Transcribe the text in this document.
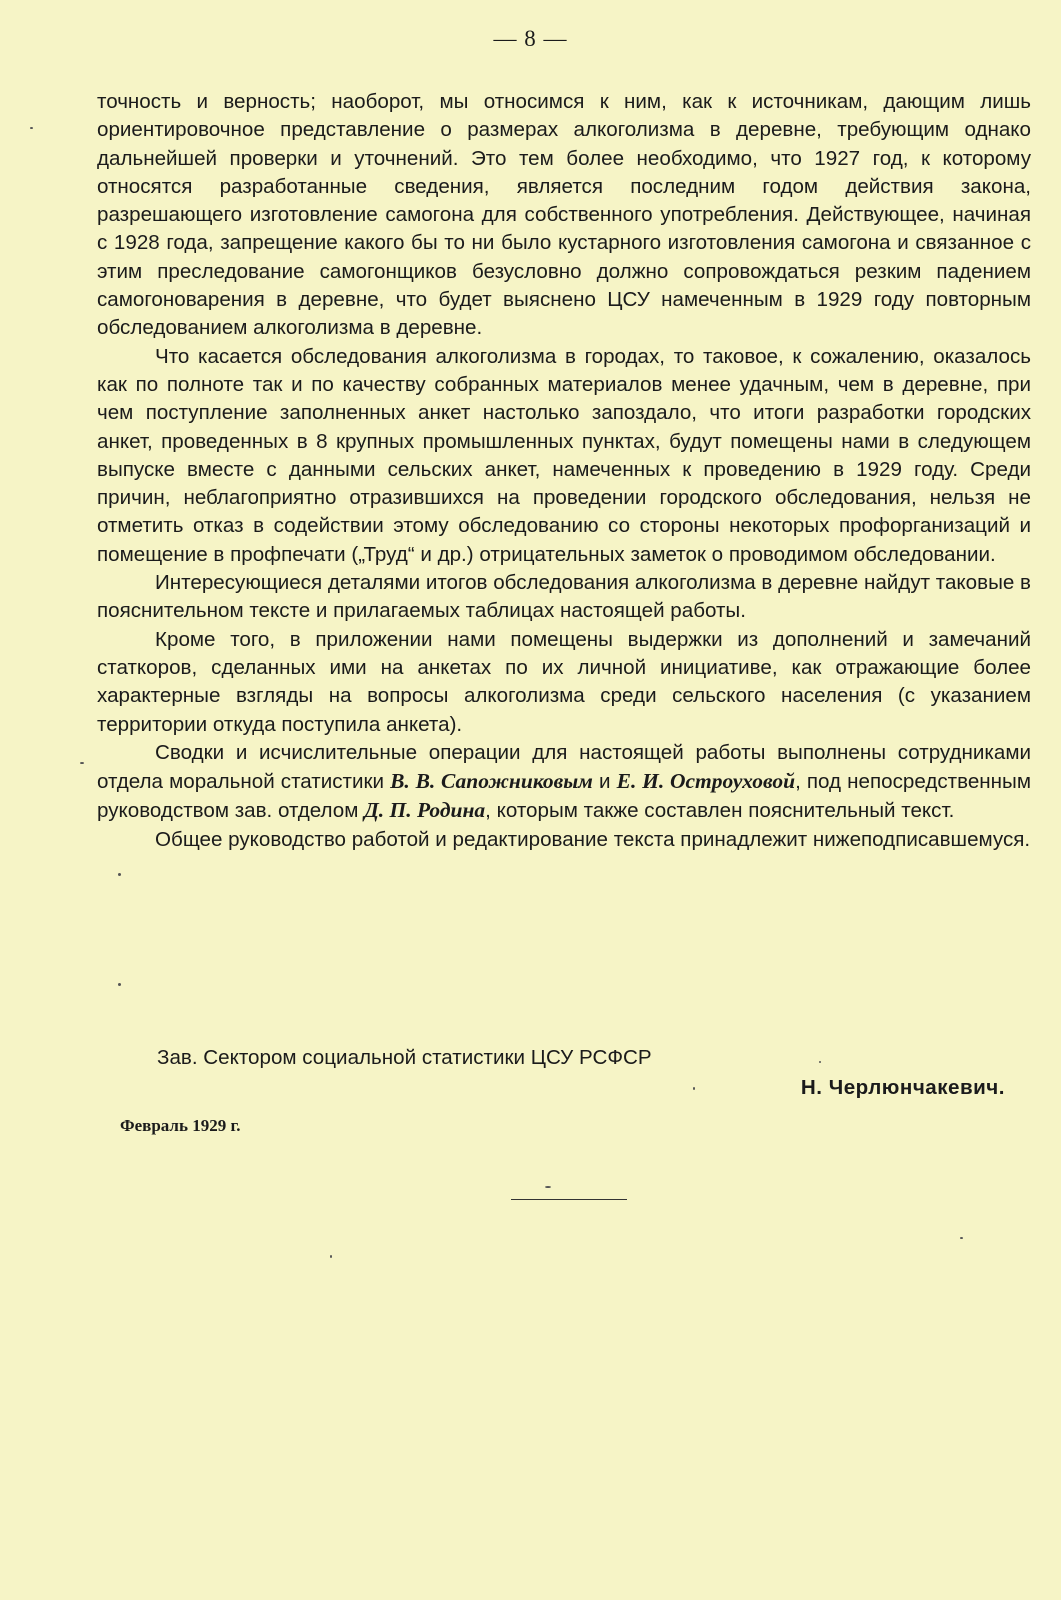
— 8 —

точность и верность; наоборот, мы относимся к ним, как к источникам, дающим лишь ориентировочное представление о размерах алкоголизма в деревне, требующим однако дальнейшей проверки и уточнений. Это тем более необходимо, что 1927 год, к которому относятся разработанные сведения, является последним годом действия закона, разрешающего изготовление самогона для собственного употребления. Действующее, начиная с 1928 года, запрещение какого бы то ни было кустарного изготовления самогона и связанное с этим преследование самогонщиков безусловно должно сопровождаться резким падением самогоноварения в деревне, что будет выяснено ЦСУ намеченным в 1929 году повторным обследованием алкоголизма в деревне.

Что касается обследования алкоголизма в городах, то таковое, к сожалению, оказалось как по полноте так и по качеству собранных материалов менее удачным, чем в деревне, при чем поступление заполненных анкет настолько запоздало, что итоги разработки городских анкет, проведенных в 8 крупных промышленных пунктах, будут помещены нами в следующем выпуске вместе с данными сельских анкет, намеченных к проведению в 1929 году. Среди причин, неблагоприятно отразившихся на проведении городского обследования, нельзя не отметить отказ в содействии этому обследованию со стороны некоторых профорганизаций и помещение в профпечати („Труд“ и др.) отрицательных заметок о проводимом обследовании.

Интересующиеся деталями итогов обследования алкоголизма в деревне найдут таковые в пояснительном тексте и прилагаемых таблицах настоящей работы.

Кроме того, в приложении нами помещены выдержки из дополнений и замечаний статкоров, сделанных ими на анкетах по их личной инициативе, как отражающие более характерные взгляды на вопросы алкоголизма среди сельского населения (с указанием территории откуда поступила анкета).

Сводки и исчислительные операции для настоящей работы выполнены сотрудниками отдела моральной статистики В. В. Сапожниковым и Е. И. Остроуховой, под непосредственным руководством зав. отделом Д. П. Родина, которым также составлен пояснительный текст.

Общее руководство работой и редактирование текста принадлежит нижеподписавшемуся.

Зав. Сектором социальной статистики ЦСУ РСФСР
Н. Черлюнчакевич.
Февраль 1929 г.
